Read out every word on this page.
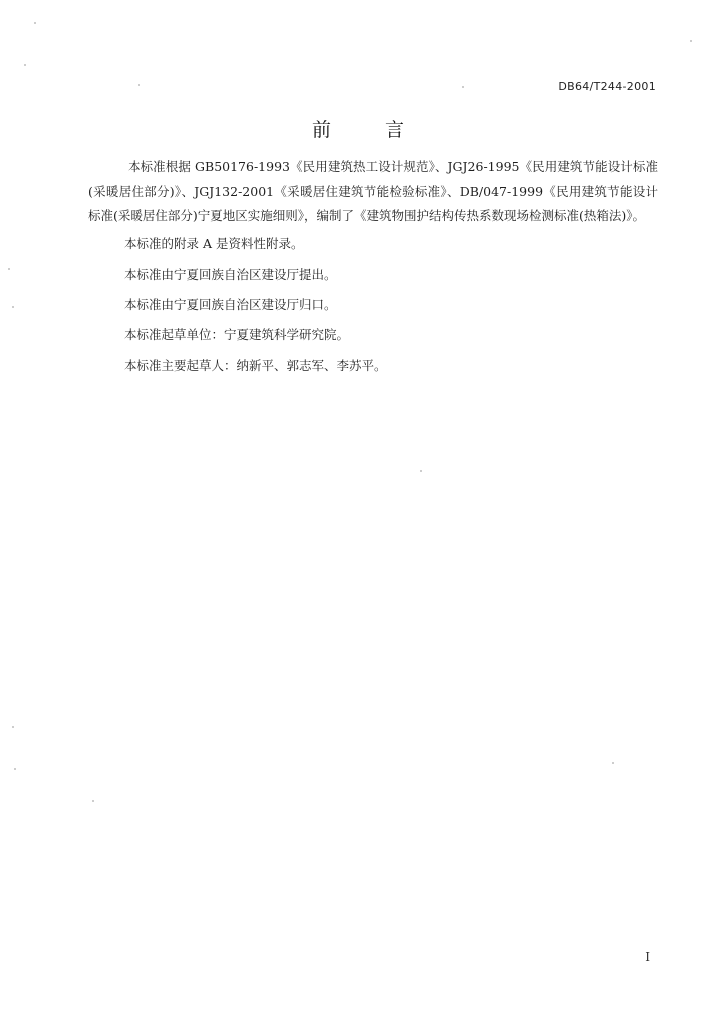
DB64/T244-2001
前言
本标准根据 GB50176-1993《民用建筑热工设计规范》、JGJ26-1995《民用建筑节能设计标准(采暖居住部分)》、JGJ132-2001《采暖居住建筑节能检验标准》、DB/047-1999《民用建筑节能设计标准(采暖居住部分)宁夏地区实施细则》，编制了《建筑物围护结构传热系数现场检测标准(热箱法)》。
本标准的附录 A 是资料性附录。
本标准由宁夏回族自治区建设厅提出。
本标准由宁夏回族自治区建设厅归口。
本标准起草单位：宁夏建筑科学研究院。
本标准主要起草人：纳新平、郭志军、李苏平。
I
